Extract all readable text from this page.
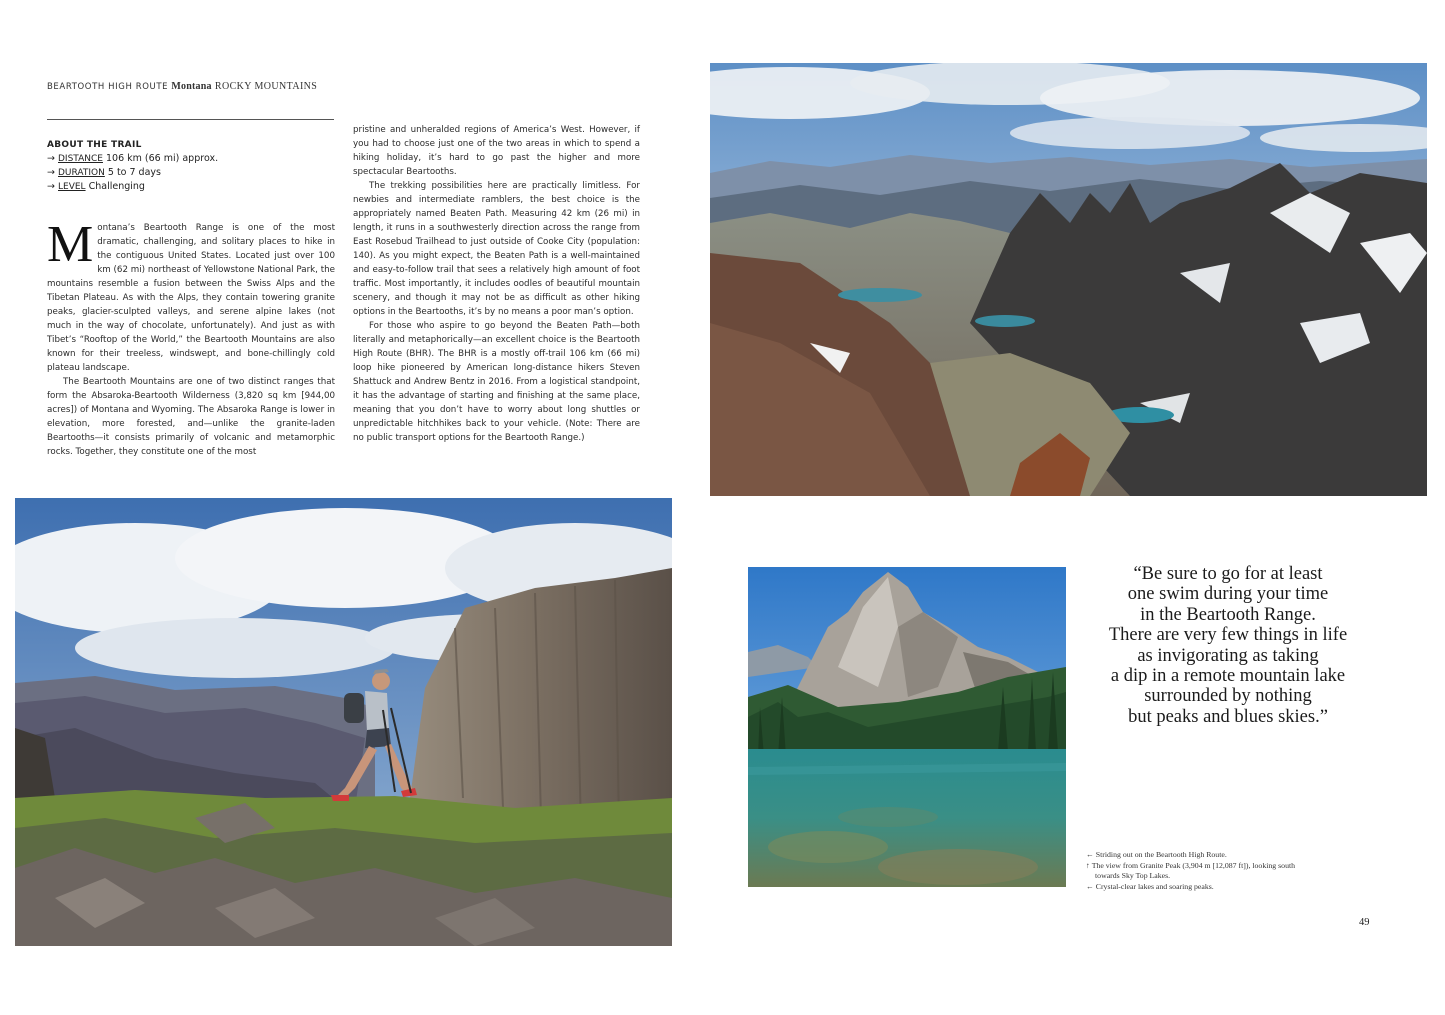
BEARTOOTH HIGH ROUTE Montana ROCKY MOUNTAINS
ABOUT THE TRAIL
→ DISTANCE 106 km (66 mi) approx.
→ DURATION 5 to 7 days
→ LEVEL Challenging

Montana’s Beartooth Range is one of the most dramatic, challenging, and solitary places to hike in the contiguous United States. Located just over 100 km (62 mi) northeast of Yellowstone National Park, the mountains resemble a fusion between the Swiss Alps and the Tibetan Plateau. As with the Alps, they contain towering granite peaks, glacier-sculpted valleys, and serene alpine lakes (not much in the way of chocolate, unfortunately). And just as with Tibet’s “Rooftop of the World,” the Beartooth Mountains are also known for their treeless, windswept, and bone-chillingly cold plateau landscape.

The Beartooth Mountains are one of two distinct ranges that form the Absaroka-Beartooth Wilderness (3,820 sq km [944,00 acres]) of Montana and Wyoming. The Absaroka Range is lower in elevation, more forested, and—unlike the granite-laden Beartooths—it consists primarily of volcanic and metamorphic rocks. Together, they constitute one of the most

pristine and unheralded regions of America’s West. However, if you had to choose just one of the two areas in which to spend a hiking holiday, it’s hard to go past the higher and more spectacular Beartooths.

The trekking possibilities here are practically limitless. For newbies and intermediate ramblers, the best choice is the appropriately named Beaten Path. Measuring 42 km (26 mi) in length, it runs in a southwesterly direction across the range from East Rosebud Trailhead to just outside of Cooke City (population: 140). As you might expect, the Beaten Path is a well-maintained and easy-to-follow trail that sees a relatively high amount of foot traffic. Most importantly, it includes oodles of beautiful mountain scenery, and though it may not be as difficult as other hiking options in the Beartooths, it’s by no means a poor man’s option.

For those who aspire to go beyond the Beaten Path—both literally and metaphorically—an excellent choice is the Beartooth High Route (BHR). The BHR is a mostly off-trail 106 km (66 mi) loop hike pioneered by American long-distance hikers Steven Shattuck and Andrew Bentz in 2016. From a logistical standpoint, it has the advantage of starting and finishing at the same place, meaning that you don’t have to worry about long shuttles or unpredictable hitchhikes back to your vehicle. (Note: There are no public transport options for the Beartooth Range.)

“Be sure to go for at least
one swim during your time
in the Beartooth Range.
There are very few things in life
as invigorating as taking
a dip in a remote mountain lake
surrounded by nothing
but peaks and blues skies.”
← Striding out on the Beartooth High Route.
↑ The view from Granite Peak (3,904 m [12,087 ft]), looking south towards Sky Top Lakes.
← Crystal-clear lakes and soaring peaks.
49
